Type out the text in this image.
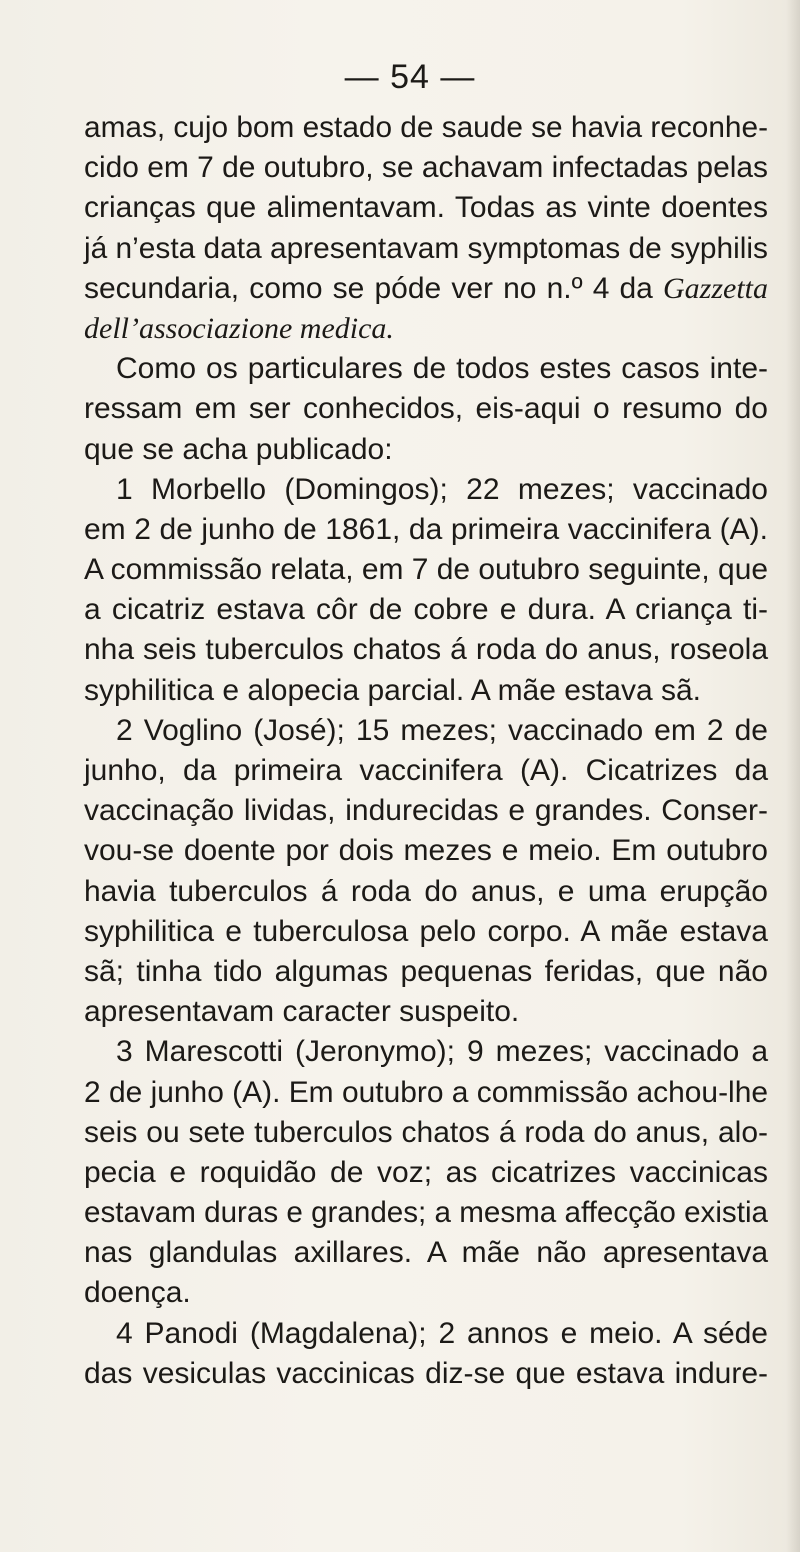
— 54 —
amas, cujo bom estado de saude se havia reconhe-
cido em 7 de outubro, se achavam infectadas pelas
crianças que alimentavam. Todas as vinte doentes
já n’esta data apresentavam symptomas de syphilis
secundaria, como se póde ver no n.º 4 da Gazzetta
dell’associazione medica.
Como os particulares de todos estes casos inte-
ressam em ser conhecidos, eis-aqui o resumo do
que se acha publicado:
1 Morbello (Domingos); 22 mezes; vaccinado
em 2 de junho de 1861, da primeira vaccinifera (A).
A commissão relata, em 7 de outubro seguinte, que
a cicatriz estava côr de cobre e dura. A criança ti-
nha seis tuberculos chatos á roda do anus, roseola
syphilitica e alopecia parcial. A mãe estava sã.
2 Voglino (José); 15 mezes; vaccinado em 2 de
junho, da primeira vaccinifera (A). Cicatrizes da
vaccinação lividas, indurecidas e grandes. Conser-
vou-se doente por dois mezes e meio. Em outubro
havia tuberculos á roda do anus, e uma erupção
syphilitica e tuberculosa pelo corpo. A mãe estava
sã; tinha tido algumas pequenas feridas, que não
apresentavam caracter suspeito.
3 Marescotti (Jeronymo); 9 mezes; vaccinado a
2 de junho (A). Em outubro a commissão achou-lhe
seis ou sete tuberculos chatos á roda do anus, alo-
pecia e roquidão de voz; as cicatrizes vaccinicas
estavam duras e grandes; a mesma affecção existia
nas glandulas axillares. A mãe não apresentava
doença.
4 Panodi (Magdalena); 2 annos e meio. A séde
das vesiculas vaccinicas diz-se que estava indure-
